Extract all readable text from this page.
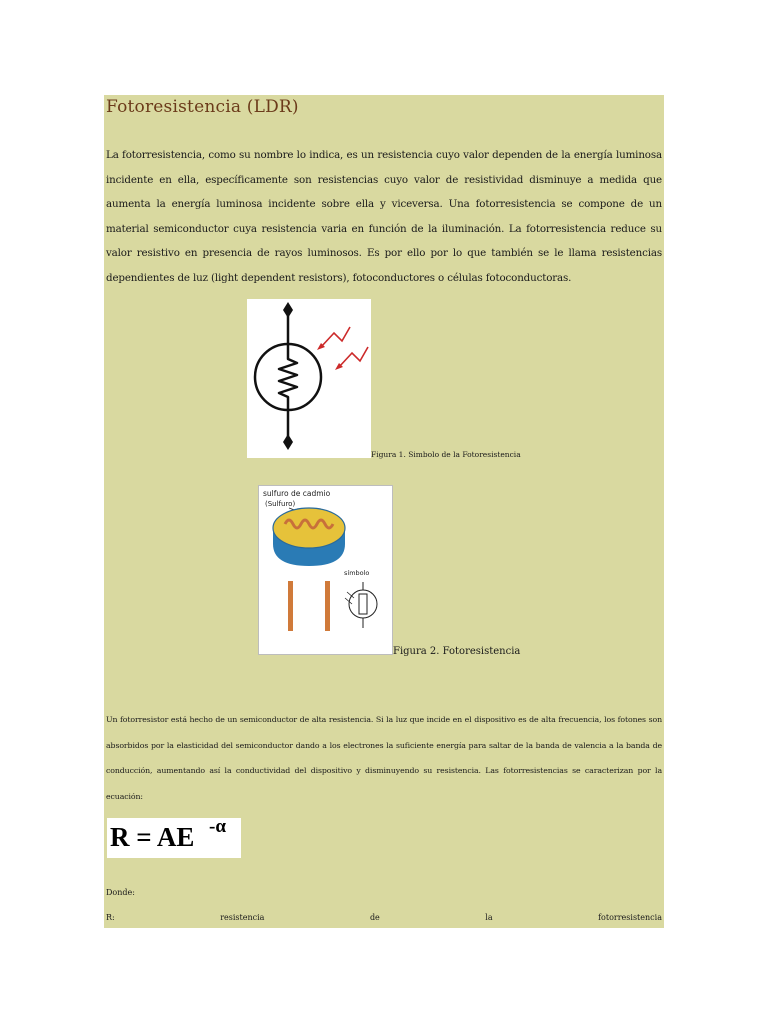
Fotoresistencia (LDR)

La fotorresistencia, como su nombre lo indica, es un resistencia cuyo valor dependen de la energía luminosa incidente en ella, específicamente son resistencias cuyo valor de resistividad disminuye a medida que aumenta la energía luminosa incidente sobre ella y viceversa. Una fotorresistencia se compone de un material semiconductor cuya resistencia varia en función de la iluminación. La fotorresistencia reduce su valor resistivo en presencia de rayos luminosos. Es por ello por lo que también se le llama resistencias dependientes de luz (light dependent resistors), fotoconductores o células fotoconductoras.

Figura 1. Simbolo de la Fotoresistencia
sulfuro de cadmio
(Sulfuro)
símbolo
Figura 2. Fotoresistencia

Un fotorresistor está hecho de un semiconductor de alta resistencia. Si la luz que incide en el dispositivo es de alta frecuencia, los fotones son absorbidos por la elasticidad del semiconductor dando a los electrones la suficiente energía para saltar de la banda de valencia a la banda de conducción, aumentando así la conductividad del dispositivo y disminuyendo su resistencia. Las fotorresistencias se caracterizan por la ecuación:

R = AE -α
Donde:
R:	resistencia	de	la	fotorresistencia
